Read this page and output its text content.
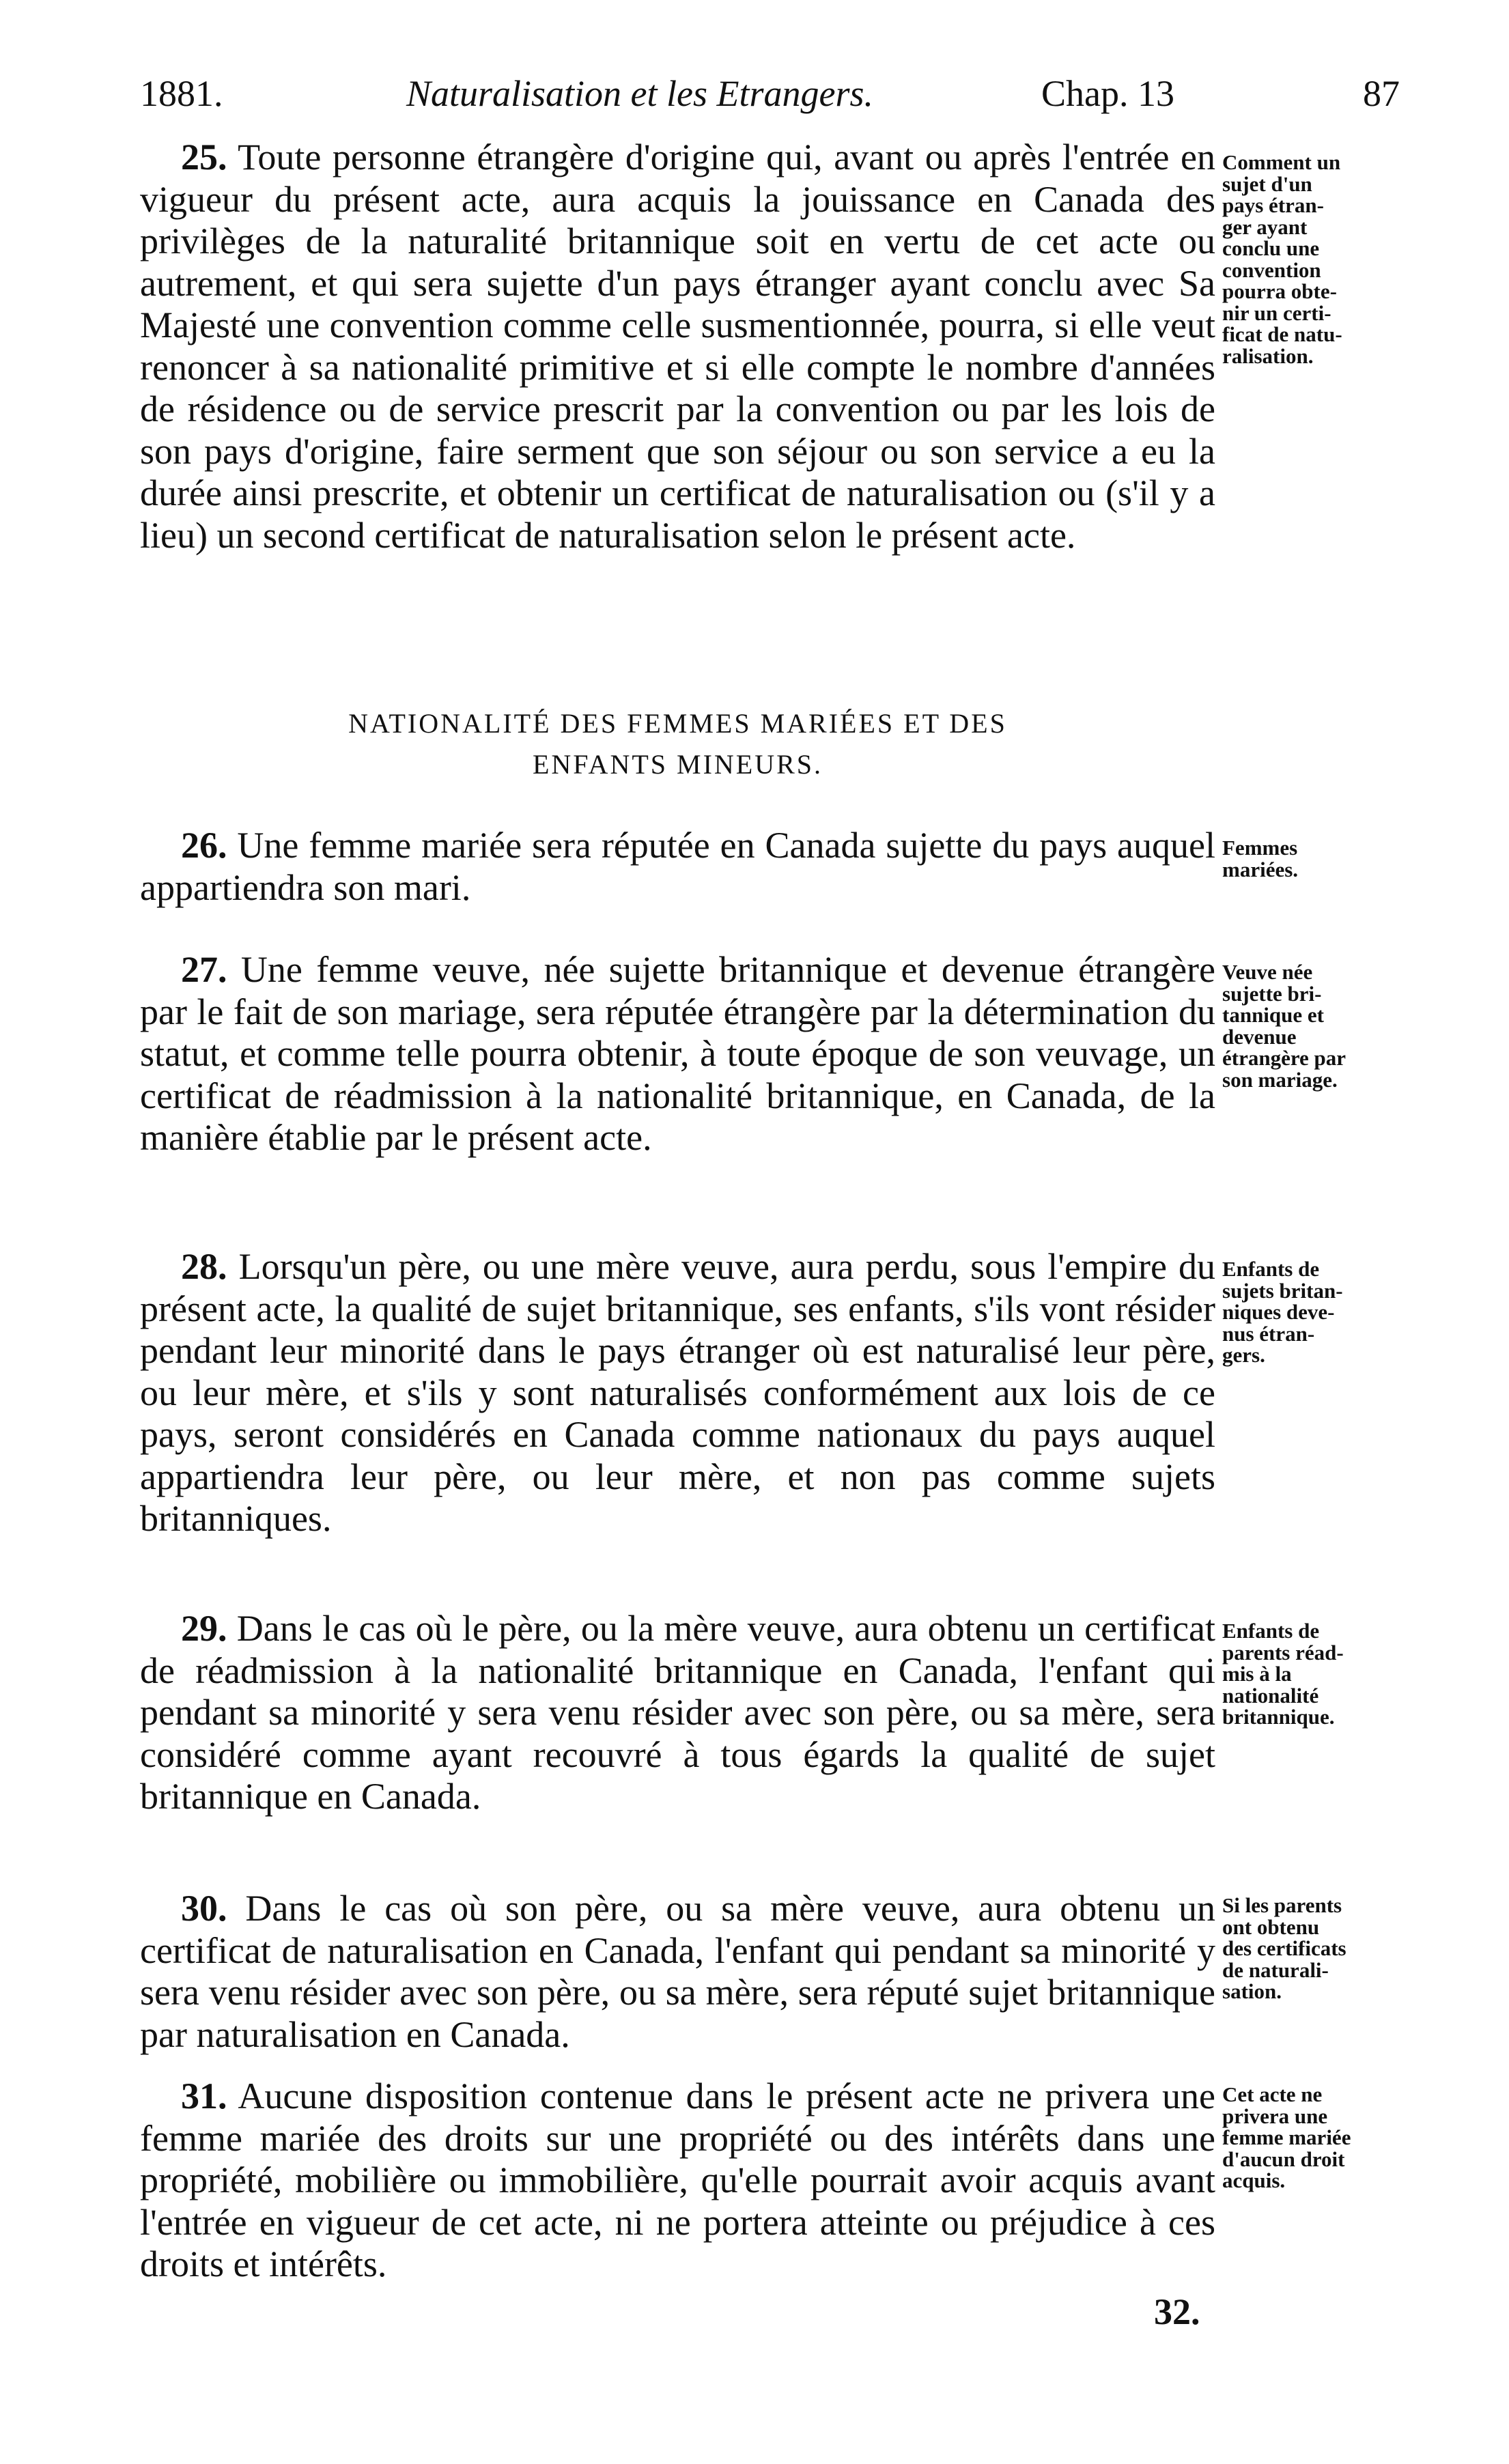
1881.	Naturalisation et les Etrangers.	Chap. 13	87
25. Toute personne étrangère d'origine qui, avant ou après l'entrée en vigueur du présent acte, aura acquis la jouissance en Canada des privilèges de la naturalité britannique soit en vertu de cet acte ou autrement, et qui sera sujette d'un pays étranger ayant conclu avec Sa Majesté une convention comme celle susmentionnée, pourra, si elle veut renoncer à sa nationalité primitive et si elle compte le nombre d'années de résidence ou de service prescrit par la convention ou par les lois de son pays d'origine, faire serment que son séjour ou son service a eu la durée ainsi prescrite, et obtenir un certificat de naturalisation ou (s'il y a lieu) un second certificat de naturalisation selon le présent acte.
Comment un
sujet d'un
pays étran-
ger ayant
conclu une
convention
pourra obte-
nir un certi-
ficat de natu-
ralisation.
NATIONALITÉ DES FEMMES MARIÉES ET DES
ENFANTS MINEURS.
26. Une femme mariée sera réputée en Canada sujette du pays auquel appartiendra son mari.
Femmes
mariées.
27. Une femme veuve, née sujette britannique et devenue étrangère par le fait de son mariage, sera réputée étrangère par la détermination du statut, et comme telle pourra obtenir, à toute époque de son veuvage, un certificat de réadmission à la nationalité britannique, en Canada, de la manière établie par le présent acte.
Veuve née
sujette bri-
tannique et
devenue
étrangère par
son mariage.
28. Lorsqu'un père, ou une mère veuve, aura perdu, sous l'empire du présent acte, la qualité de sujet britannique, ses enfants, s'ils vont résider pendant leur minorité dans le pays étranger où est naturalisé leur père, ou leur mère, et s'ils y sont naturalisés conformément aux lois de ce pays, seront considérés en Canada comme nationaux du pays auquel appartiendra leur père, ou leur mère, et non pas comme sujets britanniques.
Enfants de
sujets britan-
niques deve-
nus étran-
gers.
29. Dans le cas où le père, ou la mère veuve, aura obtenu un certificat de réadmission à la nationalité britannique en Canada, l'enfant qui pendant sa minorité y sera venu résider avec son père, ou sa mère, sera considéré comme ayant recouvré à tous égards la qualité de sujet britannique en Canada.
Enfants de
parents réad-
mis à la
nationalité
britannique.
30. Dans le cas où son père, ou sa mère veuve, aura obtenu un certificat de naturalisation en Canada, l'enfant qui pendant sa minorité y sera venu résider avec son père, ou sa mère, sera réputé sujet britannique par naturalisation en Canada.
Si les parents
ont obtenu
des certificats
de naturali-
sation.
31. Aucune disposition contenue dans le présent acte ne privera une femme mariée des droits sur une propriété ou des intérêts dans une propriété, mobilière ou immobilière, qu'elle pourrait avoir acquis avant l'entrée en vigueur de cet acte, ni ne portera atteinte ou préjudice à ces droits et intérêts.
Cet acte ne
privera une
femme mariée
d'aucun droit
acquis.
32.
